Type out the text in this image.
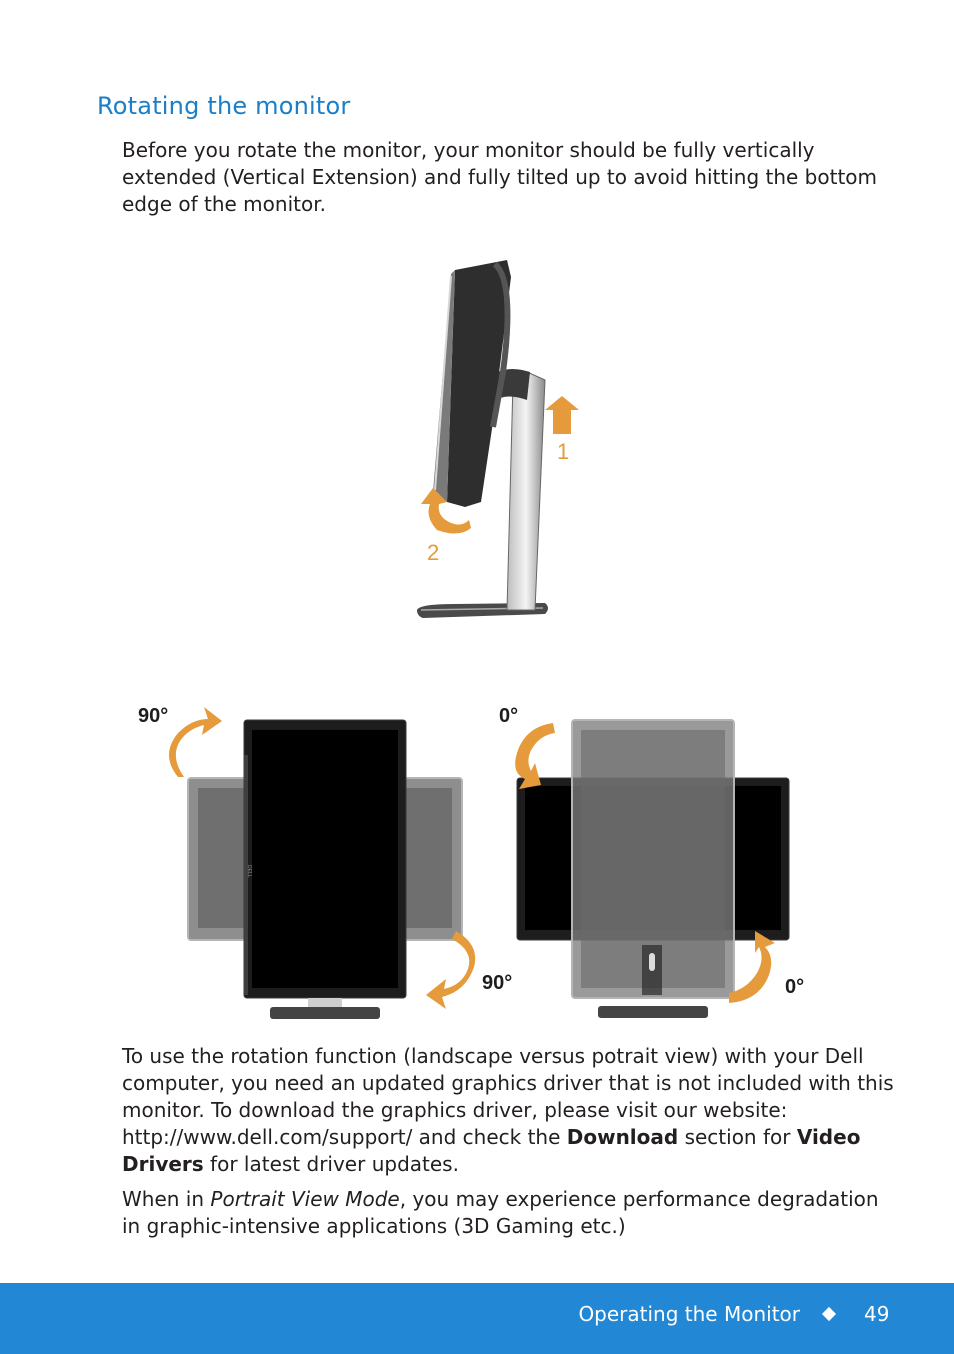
Rotating the monitor

Before you rotate the monitor, your monitor should be fully vertically extended (Vertical Extension) and fully tilted up to avoid hitting the bottom edge of the monitor.

1
2
DELL
90°
90°
0°
0°

To use the rotation function (landscape versus potrait view) with your Dell computer, you need an updated graphics driver that is not included with this monitor. To download the graphics driver, please visit our website: http://www.dell.com/support/ and check the Download section for Video Drivers for latest driver updates.

When in Portrait View Mode, you may experience performance degradation in graphic-intensive applications (3D Gaming etc.)

Operating the Monitor	49
